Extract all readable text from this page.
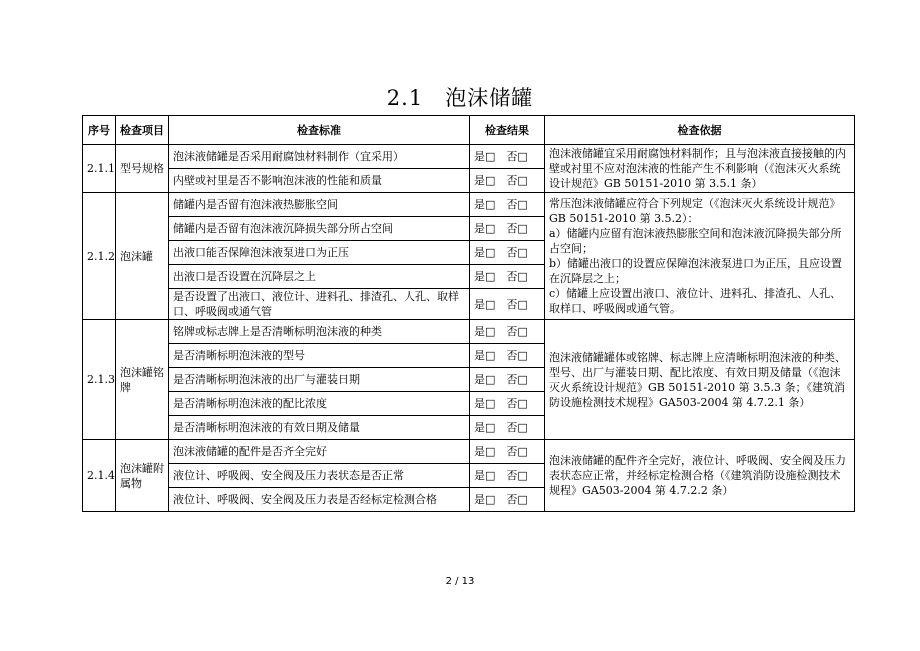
2.1　泡沫储罐
序号	检查项目	检查标准	检查结果	检查依据
2.1.1	型号规格	泡沫液储罐是否采用耐腐蚀材料制作（宜采用）	是□　否□	泡沫液储罐宜采用耐腐蚀材料制作；且与泡沫液直接接触的内壁或衬里不应对泡沫液的性能产生不利影响（《泡沫灭火系统设计规范》GB 50151-2010 第 3.5.1 条）
		内壁或衬里是否不影响泡沫液的性能和质量	是□　否□	
2.1.2	泡沫罐	储罐内是否留有泡沫液热膨胀空间	是□　否□	常压泡沫液储罐应符合下列规定（《泡沫灭火系统设计规范》GB 50151-2010 第 3.5.2）：
a）储罐内应留有泡沫液热膨胀空间和泡沫液沉降损失部分所占空间；
b）储罐出液口的设置应保障泡沫液泵进口为正压，且应设置在沉降层之上；
c）储罐上应设置出液口、液位计、进料孔、排渣孔、人孔、取样口、呼吸阀或通气管。

		储罐内是否留有泡沫液沉降损失部分所占空间	是□　否□	
		出液口能否保障泡沫液泵进口为正压	是□　否□	
		出液口是否设置在沉降层之上	是□　否□	
		是否设置了出液口、液位计、进料孔、排渣孔、人孔、取样口、呼吸阀或通气管	是□　否□	
2.1.3	泡沫罐铭牌	铭牌或标志牌上是否清晰标明泡沫液的种类	是□　否□	泡沫液储罐罐体或铭牌、标志牌上应清晰标明泡沫液的种类、型号、出厂与灌装日期、配比浓度、有效日期及储量（《泡沫灭火系统设计规范》GB 50151-2010 第 3.5.3 条；《建筑消防设施检测技术规程》GA503-2004 第 4.7.2.1 条）
		是否清晰标明泡沫液的型号	是□　否□	
		是否清晰标明泡沫液的出厂与灌装日期	是□　否□	
		是否清晰标明泡沫液的配比浓度	是□　否□	
		是否清晰标明泡沫液的有效日期及储量	是□　否□	
2.1.4	泡沫罐附属物	泡沫液储罐的配件是否齐全完好	是□　否□	泡沫液储罐的配件齐全完好，液位计、呼吸阀、安全阀及压力表状态应正常，并经标定检测合格（《建筑消防设施检测技术规程》GA503-2004 第 4.7.2.2 条）
		液位计、呼吸阀、安全阀及压力表状态是否正常	是□　否□	
		液位计、呼吸阀、安全阀及压力表是否经标定检测合格	是□　否□	
2 / 13
